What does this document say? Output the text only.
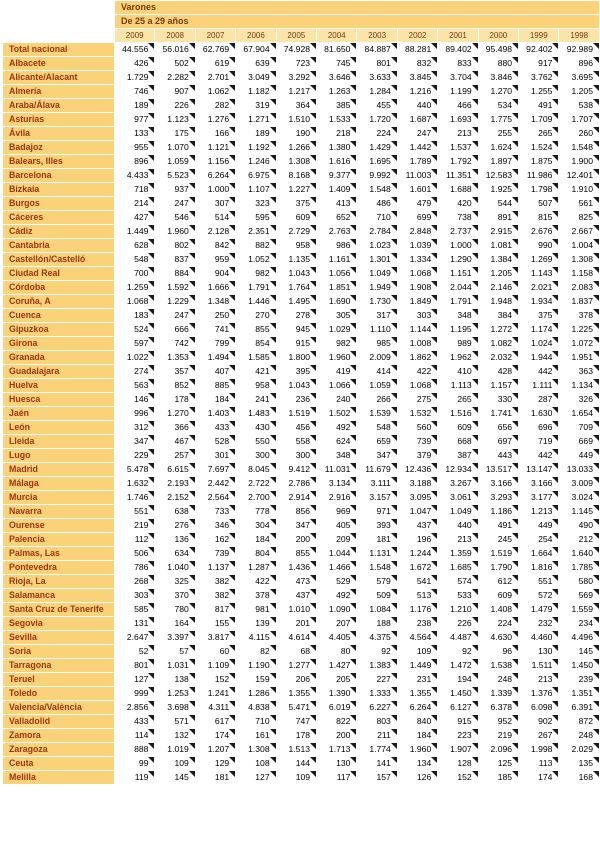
	Varones											
	De 25 a 29 años											
	2009	2008	2007	2006	2005	2004	2003	2002	2001	2000	1999	1998
Total nacional	44.556	56.016	62.769	67.904	74.928	81.650	84.887	88.281	89.402	95.498	92.402	92.989
Albacete	426	502	619	639	723	745	801	832	833	880	917	896
Alicante/Alacant	1.729	2.282	2.701	3.049	3.292	3.646	3.633	3.845	3.704	3.846	3.762	3.695
Almería	746	907	1.062	1.182	1.217	1.263	1.284	1.216	1.199	1.270	1.255	1.205
Araba/Álava	189	226	282	319	364	385	455	440	466	534	491	538
Asturias	977	1.123	1.276	1.271	1.510	1.533	1.720	1.687	1.693	1.775	1.709	1.707
Ávila	133	175	166	189	190	218	224	247	213	255	265	260
Badajoz	955	1.070	1.121	1.192	1.266	1.380	1.429	1.442	1.537	1.624	1.524	1.548
Balears, Illes	896	1.059	1.156	1.246	1.308	1.616	1.695	1.789	1.792	1.897	1.875	1.900
Barcelona	4.433	5.523	6.264	6.975	8.168	9.377	9.992	11.003	11.351	12.583	11.986	12.401
Bizkaia	718	937	1.000	1.107	1.227	1.409	1.548	1.601	1.688	1.925	1.798	1.910
Burgos	214	247	307	323	375	413	486	479	420	544	507	561
Cáceres	427	546	514	595	609	652	710	699	738	891	815	825
Cádiz	1.449	1.960	2.128	2.351	2.729	2.763	2.784	2.848	2.737	2.915	2.676	2.667
Cantabria	628	802	842	882	958	986	1.023	1.039	1.000	1.081	990	1.004
Castellón/Castelló	548	837	959	1.052	1.135	1.161	1.301	1.334	1.290	1.384	1.269	1.308
Ciudad Real	700	884	904	982	1.043	1.056	1.049	1.068	1.151	1.205	1.143	1.158
Córdoba	1.259	1.592	1.666	1.791	1.764	1.851	1.949	1.908	2.044	2.146	2.021	2.083
Coruña, A	1.068	1.229	1.348	1.446	1.495	1.690	1.730	1.849	1.791	1.948	1.934	1.837
Cuenca	183	247	250	270	278	305	317	303	348	384	375	378
Gipuzkoa	524	666	741	855	945	1.029	1.110	1.144	1.195	1.272	1.174	1.225
Girona	597	742	799	854	915	982	985	1.008	989	1.082	1.024	1.072
Granada	1.022	1.353	1.494	1.585	1.800	1.960	2.009	1.862	1.962	2.032	1.944	1.951
Guadalajara	274	357	407	421	395	419	414	422	410	428	442	363
Huelva	563	852	885	958	1.043	1.066	1.059	1.068	1.113	1.157	1.111	1.134
Huesca	146	178	184	241	236	240	266	275	265	330	287	326
Jaén	996	1.270	1.403	1.483	1.519	1.502	1.539	1.532	1.516	1.741	1.630	1.654
León	312	366	433	430	456	492	548	560	609	656	696	709
Lleida	347	467	528	550	558	624	659	739	668	697	719	669
Lugo	229	257	301	300	300	348	347	379	387	443	442	449
Madrid	5.478	6.615	7.697	8.045	9.412	11.031	11.679	12.436	12.934	13.517	13.147	13.033
Málaga	1.632	2.193	2.442	2.722	2.786	3.134	3.111	3.188	3.267	3.166	3.166	3.009
Murcia	1.746	2.152	2.564	2.700	2.914	2.916	3.157	3.095	3.061	3.293	3.177	3.024
Navarra	551	638	733	778	856	969	971	1.047	1.049	1.186	1.213	1.145
Ourense	219	276	346	304	347	405	393	437	440	491	449	490
Palencia	112	136	162	184	200	209	181	196	213	245	254	212
Palmas, Las	506	634	739	804	855	1.044	1.131	1.244	1.359	1.519	1.664	1.640
Pontevedra	786	1.040	1.137	1.287	1.436	1.466	1.548	1.672	1.685	1.790	1.816	1.785
Rioja, La	268	325	382	422	473	529	579	541	574	612	551	580
Salamanca	303	370	382	378	437	492	509	513	533	609	572	569
Santa Cruz de Tenerife	585	780	817	981	1.010	1.090	1.084	1.176	1.210	1.408	1.479	1.559
Segovia	131	164	155	139	201	207	188	238	226	224	232	234
Sevilla	2.647	3.397	3.817	4.115	4.614	4.405	4.375	4.564	4.487	4.630	4.460	4.496
Soria	52	57	60	82	68	80	92	109	92	96	130	145
Tarragona	801	1.031	1.109	1.190	1.277	1.427	1.383	1.449	1.472	1.538	1.511	1.450
Teruel	127	138	152	159	206	205	227	231	194	248	213	239
Toledo	999	1.253	1.241	1.286	1.355	1.390	1.333	1.355	1.450	1.339	1.376	1.351
Valencia/València	2.856	3.698	4.311	4.838	5.471	6.019	6.227	6.264	6.127	6.378	6.098	6.391
Valladolid	433	571	617	710	747	822	803	840	915	952	902	872
Zamora	114	132	174	161	178	200	211	184	223	219	267	248
Zaragoza	888	1.019	1.207	1.308	1.513	1.713	1.774	1.960	1.907	2.096	1.998	2.029
Ceuta	99	109	129	108	144	130	141	134	128	125	113	135
Melilla	119	145	181	127	109	117	157	126	152	185	174	168
